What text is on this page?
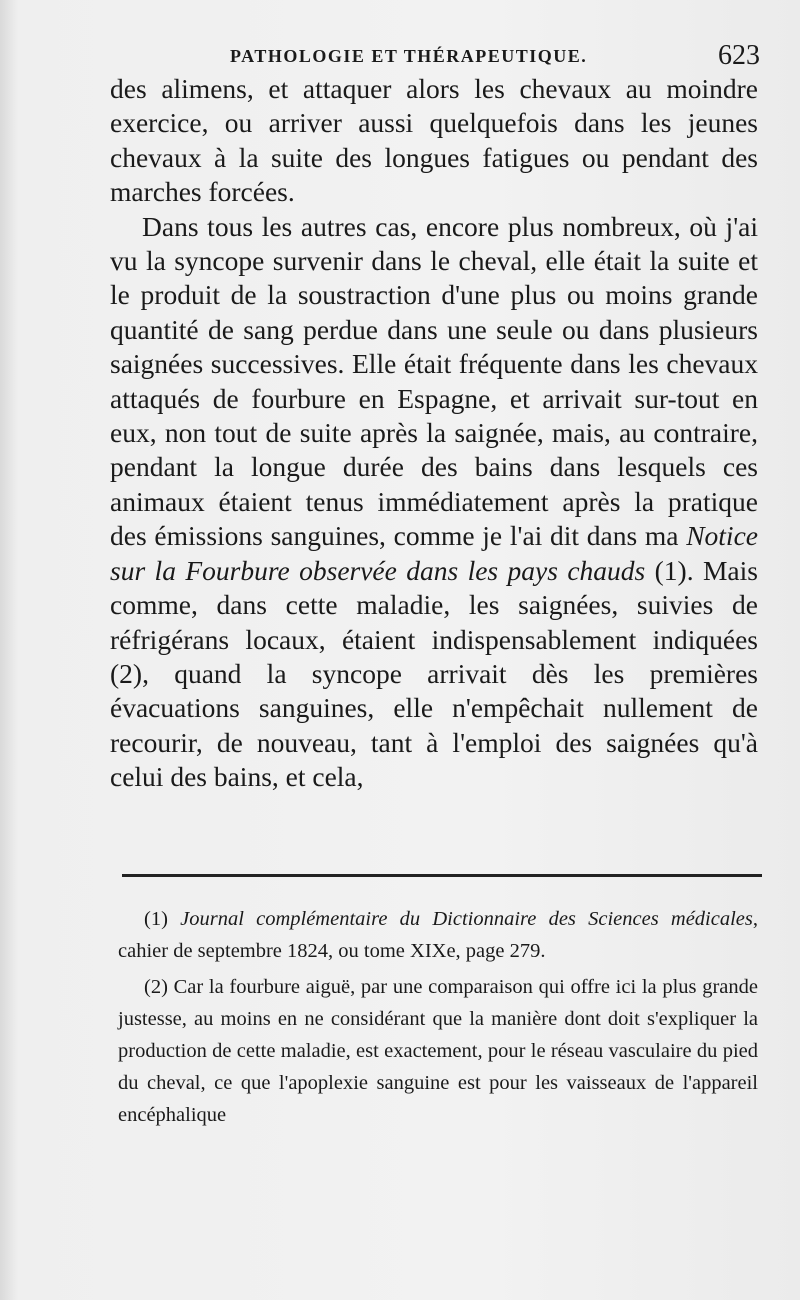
PATHOLOGIE ET THÉRAPEUTIQUE.	623

des alimens, et attaquer alors les chevaux au moindre exercice, ou arriver aussi quelquefois dans les jeunes chevaux à la suite des longues fatigues ou pendant des marches forcées.

Dans tous les autres cas, encore plus nombreux, où j'ai vu la syncope survenir dans le cheval, elle était la suite et le produit de la soustraction d'une plus ou moins grande quantité de sang perdue dans une seule ou dans plusieurs saignées successives. Elle était fréquente dans les chevaux attaqués de fourbure en Espagne, et arrivait sur-tout en eux, non tout de suite après la saignée, mais, au contraire, pendant la longue durée des bains dans lesquels ces animaux étaient tenus immédiatement après la pratique des émissions sanguines, comme je l'ai dit dans ma Notice sur la Fourbure observée dans les pays chauds (1). Mais comme, dans cette maladie, les saignées, suivies de réfrigérans locaux, étaient indispensablement indiquées (2), quand la syncope arrivait dès les premières évacuations sanguines, elle n'empêchait nullement de recourir, de nouveau, tant à l'emploi des saignées qu'à celui des bains, et cela,

(1) Journal complémentaire du Dictionnaire des Sciences médicales, cahier de septembre 1824, ou tome XIXe, page 279.

(2) Car la fourbure aiguë, par une comparaison qui offre ici la plus grande justesse, au moins en ne considérant que la manière dont doit s'expliquer la production de cette maladie, est exactement, pour le réseau vasculaire du pied du cheval, ce que l'apoplexie sanguine est pour les vaisseaux de l'appareil encéphalique
